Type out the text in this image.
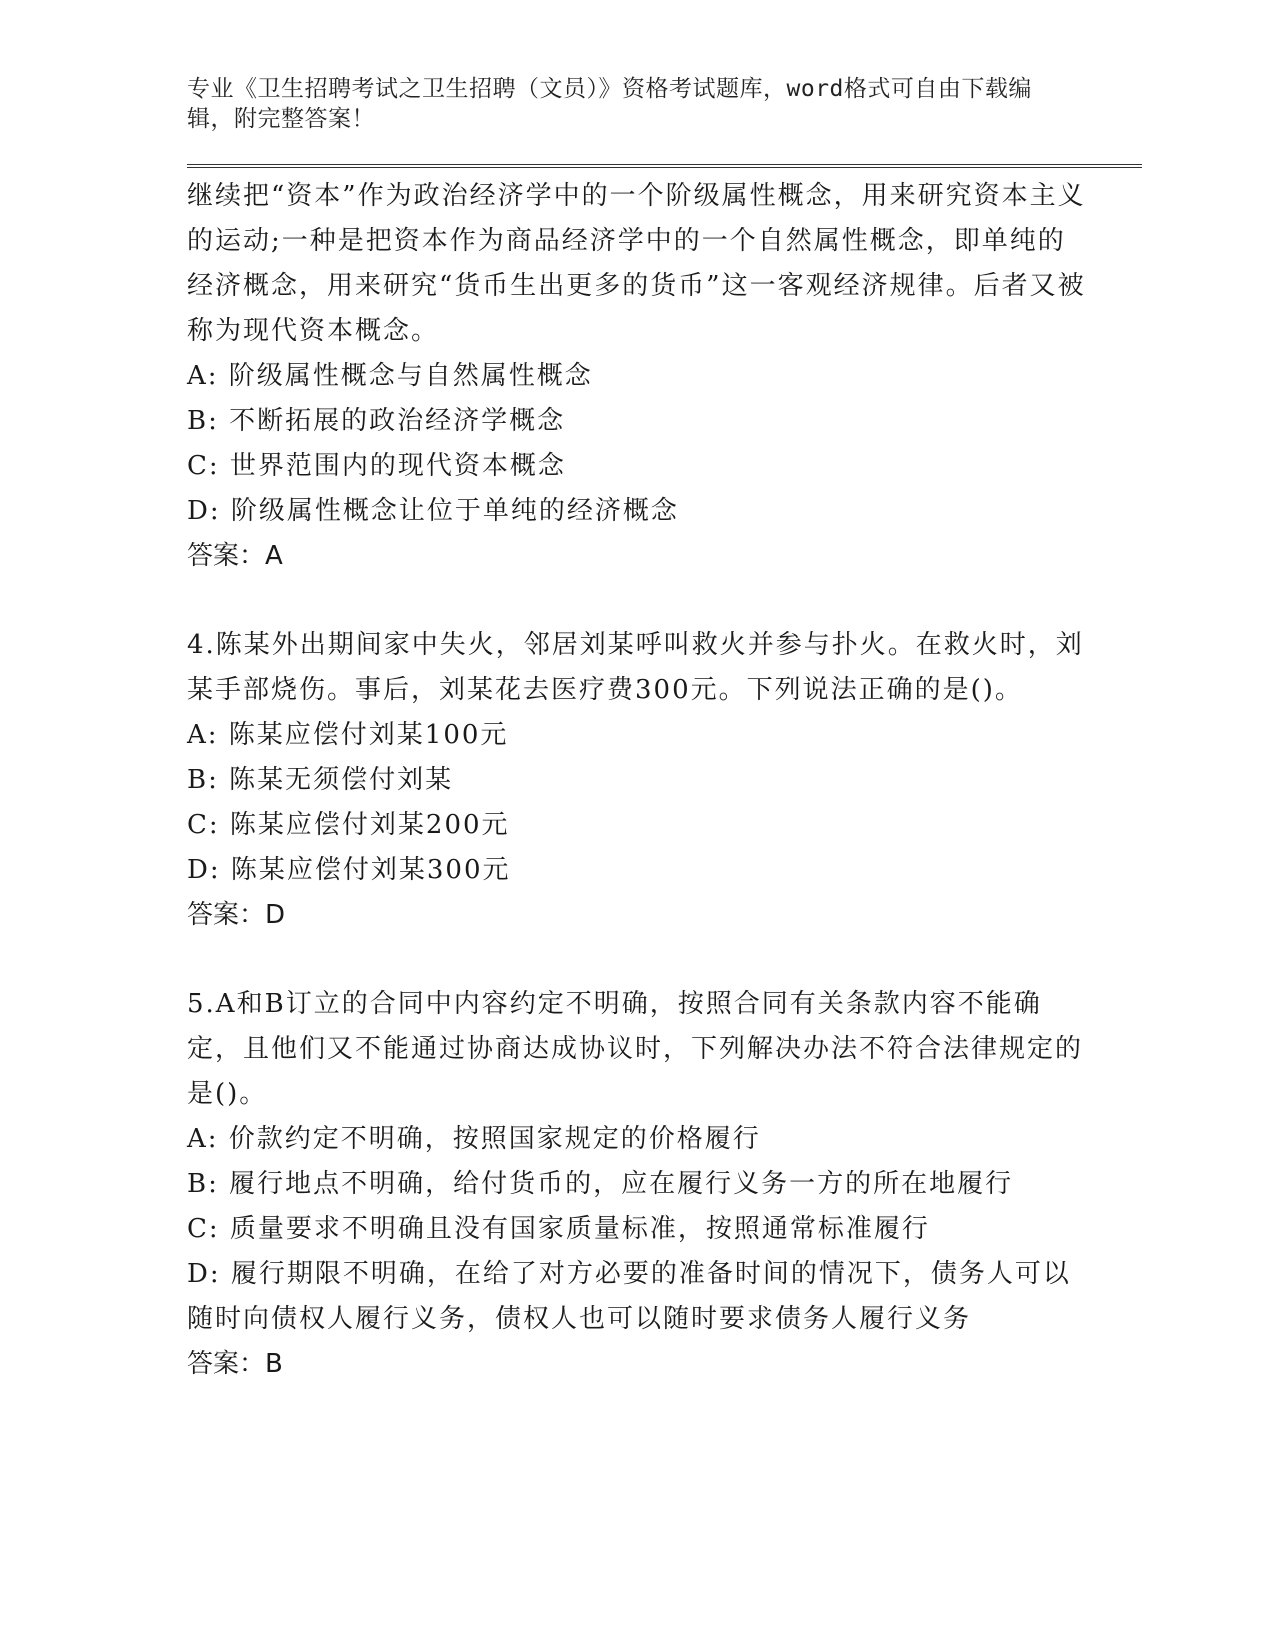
专业《卫生招聘考试之卫生招聘（文员）》资格考试题库，word格式可自由下载编辑，附完整答案！

继续把“资本”作为政治经济学中的一个阶级属性概念，用来研究资本主义的运动;一种是把资本作为商品经济学中的一个自然属性概念，即单纯的经济概念，用来研究“货币生出更多的货币”这一客观经济规律。后者又被称为现代资本概念。

A: 阶级属性概念与自然属性概念

B: 不断拓展的政治经济学概念

C: 世界范围内的现代资本概念

D: 阶级属性概念让位于单纯的经济概念

答案：A

4.陈某外出期间家中失火，邻居刘某呼叫救火并参与扑火。在救火时，刘某手部烧伤。事后，刘某花去医疗费300元。下列说法正确的是()。

A: 陈某应偿付刘某100元

B: 陈某无须偿付刘某

C: 陈某应偿付刘某200元

D: 陈某应偿付刘某300元

答案：D

5.A和B订立的合同中内容约定不明确，按照合同有关条款内容不能确定，且他们又不能通过协商达成协议时，下列解决办法不符合法律规定的是()。

A: 价款约定不明确，按照国家规定的价格履行

B: 履行地点不明确，给付货币的，应在履行义务一方的所在地履行

C: 质量要求不明确且没有国家质量标准，按照通常标准履行

D: 履行期限不明确，在给了对方必要的准备时间的情况下，债务人可以随时向债权人履行义务，债权人也可以随时要求债务人履行义务

答案：B
